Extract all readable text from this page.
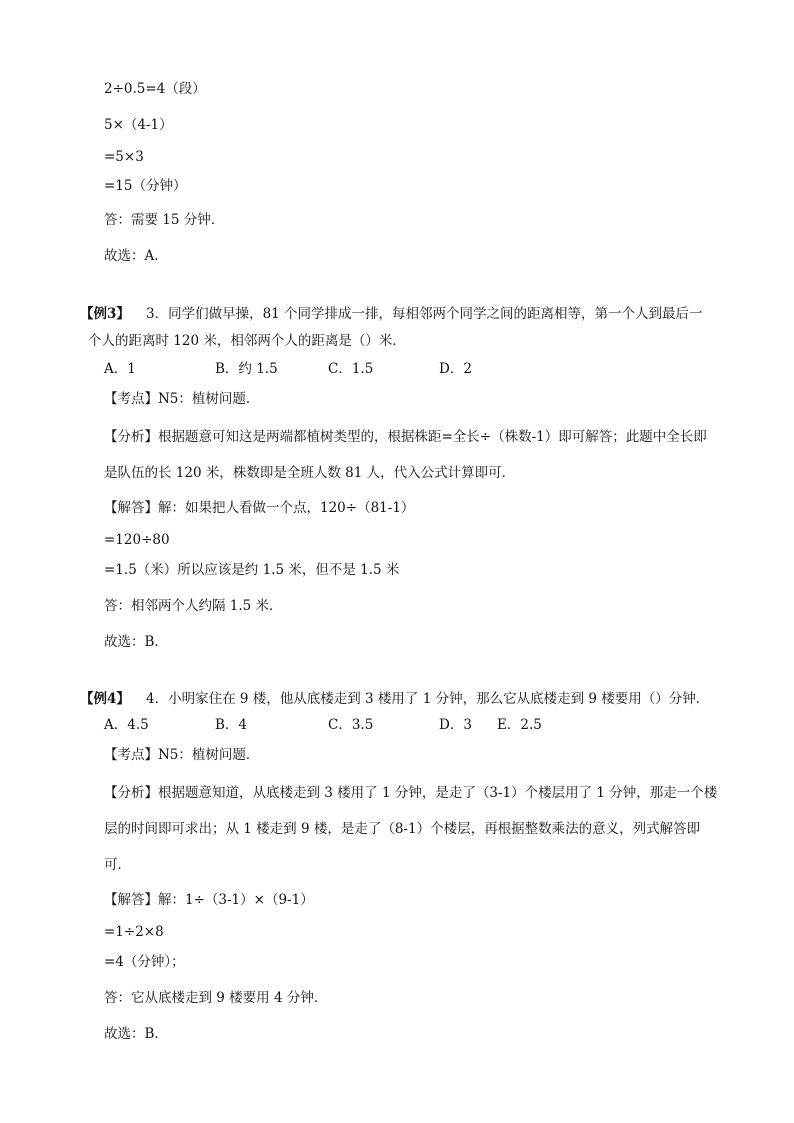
2÷0.5=4（段）
5×（4-1）
=5×3
=15（分钟）
答：需要 15 分钟．
故选：A．
【例3】 3．同学们做早操，81 个同学排成一排，每相邻两个同学之间的距离相等，第一个人到最后一
个人的距离时 120 米，相邻两个人的距离是（）米．
A．1	B．约 1.5	C．1.5	D．2
【考点】N5：植树问题．
【分析】根据题意可知这是两端都植树类型的，根据株距=全长÷（株数-1）即可解答；此题中全长即
是队伍的长 120 米，株数即是全班人数 81 人，代入公式计算即可．
【解答】解：如果把人看做一个点，120÷（81-1）
=120÷80
=1.5（米）所以应该是约 1.5 米，但不是 1.5 米
答：相邻两个人约隔 1.5 米．
故选：B．
【例4】 4．小明家住在 9 楼，他从底楼走到 3 楼用了 1 分钟，那么它从底楼走到 9 楼要用（）分钟．
A．4.5	B．4	C．3.5	D．3 E．2.5
【考点】N5：植树问题．
【分析】根据题意知道，从底楼走到 3 楼用了 1 分钟，是走了（3-1）个楼层用了 1 分钟，那走一个楼
层的时间即可求出；从 1 楼走到 9 楼，是走了（8-1）个楼层，再根据整数乘法的意义，列式解答即
可．
【解答】解：1÷（3-1）×（9-1）
=1÷2×8
=4（分钟）；
答：它从底楼走到 9 楼要用 4 分钟．
故选：B．
